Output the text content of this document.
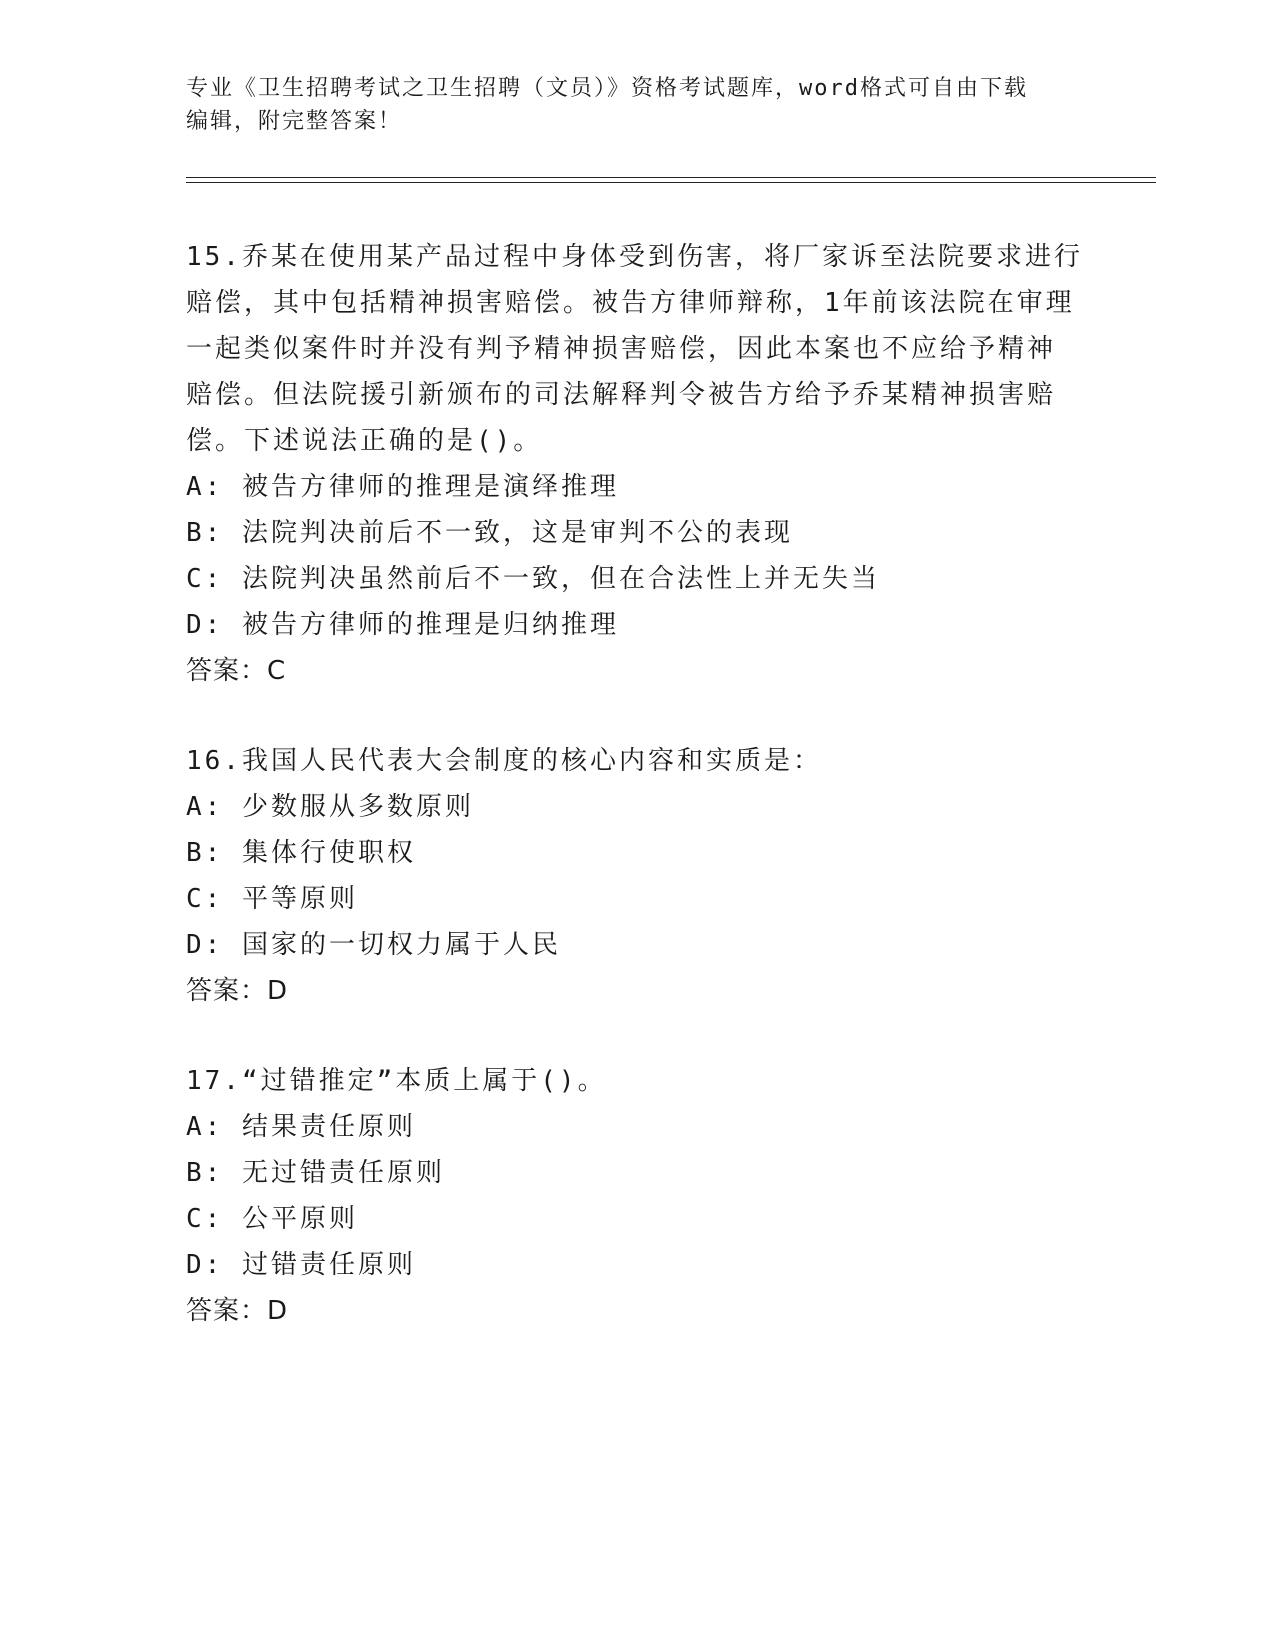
专业《卫生招聘考试之卫生招聘（文员）》资格考试题库，word格式可自由下载
编辑，附完整答案！
15.乔某在使用某产品过程中身体受到伤害，将厂家诉至法院要求进行
赔偿，其中包括精神损害赔偿。被告方律师辩称，1年前该法院在审理
一起类似案件时并没有判予精神损害赔偿，因此本案也不应给予精神
赔偿。但法院援引新颁布的司法解释判令被告方给予乔某精神损害赔
偿。下述说法正确的是()。
A: 被告方律师的推理是演绎推理
B: 法院判决前后不一致，这是审判不公的表现
C: 法院判决虽然前后不一致，但在合法性上并无失当
D: 被告方律师的推理是归纳推理
答案：C
16.我国人民代表大会制度的核心内容和实质是：
A: 少数服从多数原则
B: 集体行使职权
C: 平等原则
D: 国家的一切权力属于人民
答案：D
17.“过错推定”本质上属于()。
A: 结果责任原则
B: 无过错责任原则
C: 公平原则
D: 过错责任原则
答案：D
